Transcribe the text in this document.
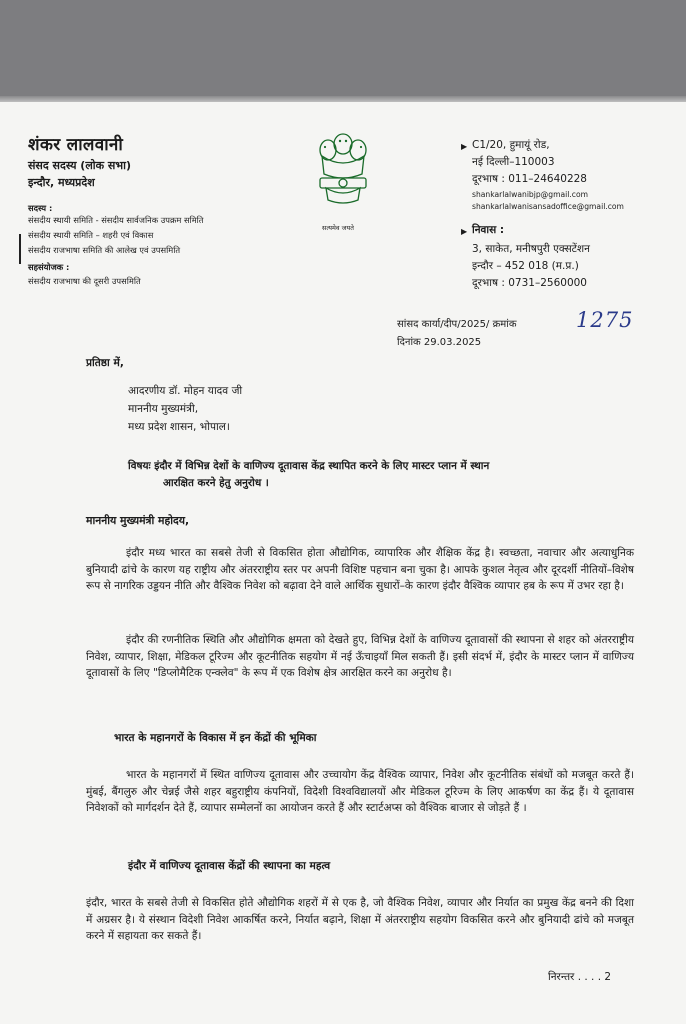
शंकर लालवानी
संसद सदस्य (लोक सभा)
इन्दौर, मध्यप्रदेश
सदस्य :
संसदीय स्थायी समिति - संसदीय सार्वजनिक उपक्रम समिति
संसदीय स्थायी समिति – शहरी एवं विकास
संसदीय राजभाषा समिति की आलेख एवं उपसमिति
सहसंयोजक :
संसदीय राजभाषा की दूसरी उपसमिति
सत्यमेव जयते
▶ C1/20, हुमायूं रोड,
नई दिल्ली–110003
दूरभाष : 011–24640228
shankarlalwanibjp@gmail.com
shankarlalwanisansadoffice@gmail.com
▶ निवास :
3, साकेत, मनीषपुरी एक्सटेंशन
इन्दौर – 452 018 (म.प्र.)
दूरभाष : 0731–2560000
सांसद कार्या/दीप/2025/ क्रमांक	1275
दिनांक 29.03.2025
प्रतिष्ठा में,
आदरणीय डॉ. मोहन यादव जी
माननीय मुख्यमंत्री,
मध्य प्रदेश शासन, भोपाल।
विषयः इंदौर में विभिन्न देशों के वाणिज्य दूतावास केंद्र स्थापित करने के लिए मास्टर प्लान में स्थान
आरक्षित करने हेतु अनुरोध ।
माननीय मुख्यमंत्री महोदय,
इंदौर मध्य भारत का सबसे तेजी से विकसित होता औद्योगिक, व्यापारिक और शैक्षिक केंद्र है। स्वच्छता, नवाचार और अत्याधुनिक बुनियादी ढांचे के कारण यह राष्ट्रीय और अंतरराष्ट्रीय स्तर पर अपनी विशिष्ट पहचान बना चुका है। आपके कुशल नेतृत्व और दूरदर्शी नीतियों–विशेष रूप से नागरिक उड्डयन नीति और वैश्विक निवेश को बढ़ावा देने वाले आर्थिक सुधारों–के कारण इंदौर वैश्विक व्यापार हब के रूप में उभर रहा है।
इंदौर की रणनीतिक स्थिति और औद्योगिक क्षमता को देखते हुए, विभिन्न देशों के वाणिज्य दूतावासों की स्थापना से शहर को अंतरराष्ट्रीय निवेश, व्यापार, शिक्षा, मेडिकल टूरिज्म और कूटनीतिक सहयोग में नई ऊँचाइयाँ मिल सकती हैं। इसी संदर्भ में, इंदौर के मास्टर प्लान में वाणिज्य दूतावासों के लिए "डिप्लोमैटिक एन्क्लेव" के रूप में एक विशेष क्षेत्र आरक्षित करने का अनुरोध है।
भारत के महानगरों के विकास में इन केंद्रों की भूमिका
भारत के महानगरों में स्थित वाणिज्य दूतावास और उच्चायोग केंद्र वैश्विक व्यापार, निवेश और कूटनीतिक संबंधों को मजबूत करते हैं। मुंबई, बैंगलुरु और चेन्नई जैसे शहर बहुराष्ट्रीय कंपनियों, विदेशी विश्वविद्यालयों और मेडिकल टूरिज्म के लिए आकर्षण का केंद्र हैं। ये दूतावास निवेशकों को मार्गदर्शन देते हैं, व्यापार सम्मेलनों का आयोजन करते हैं और स्टार्टअप्स को वैश्विक बाजार से जोड़ते हैं ।
इंदौर में वाणिज्य दूतावास केंद्रों की स्थापना का महत्व
इंदौर, भारत के सबसे तेजी से विकसित होते औद्योगिक शहरों में से एक है, जो वैश्विक निवेश, व्यापार और निर्यात का प्रमुख केंद्र बनने की दिशा में अग्रसर है। ये संस्थान विदेशी निवेश आकर्षित करने, निर्यात बढ़ाने, शिक्षा में अंतरराष्ट्रीय सहयोग विकसित करने और बुनियादी ढांचे को मजबूत करने में सहायता कर सकते हैं।
निरन्तर . . . . 2
